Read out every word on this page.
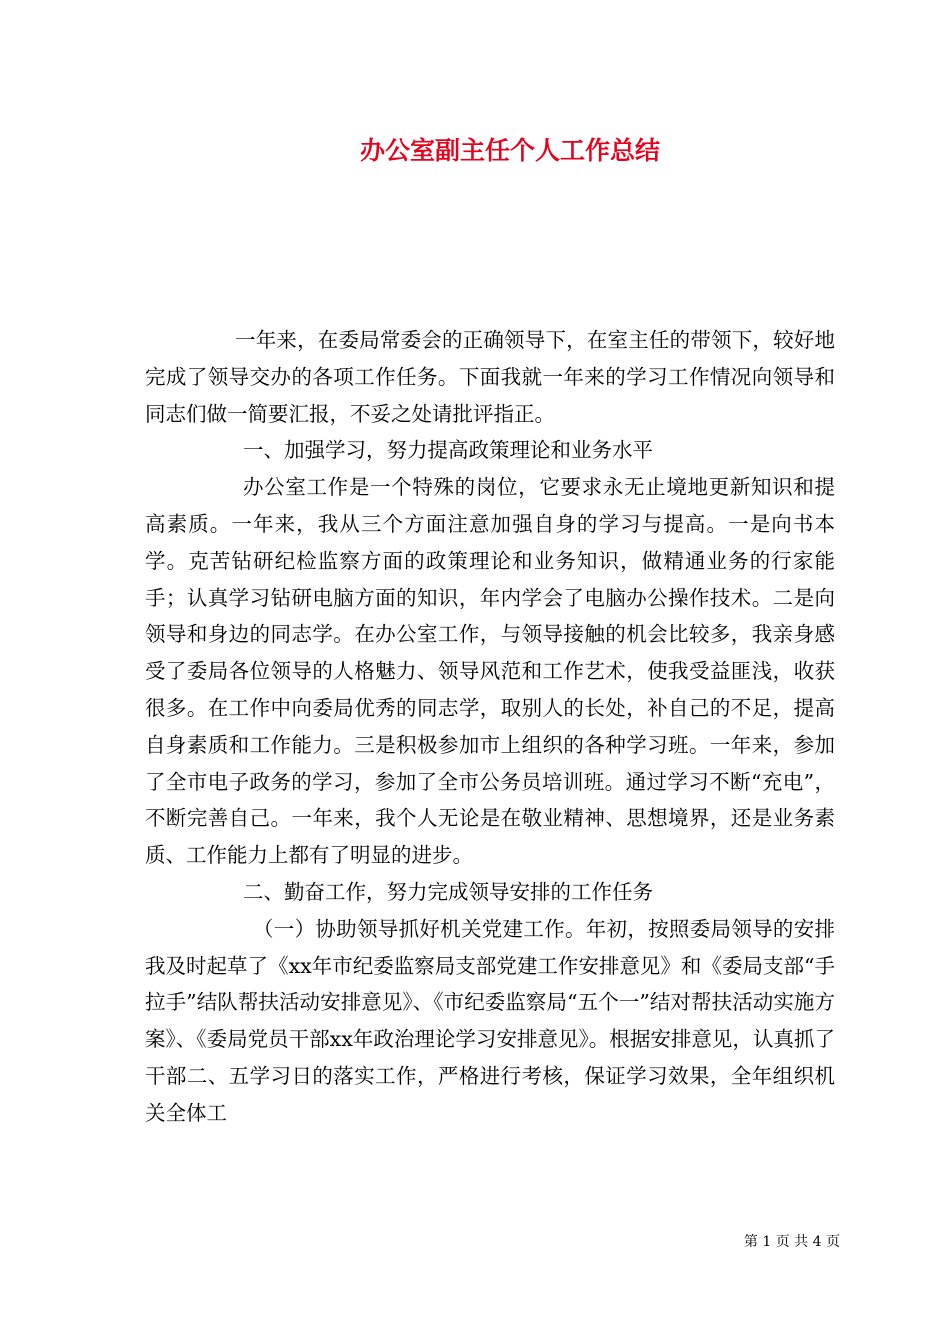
办公室副主任个人工作总结

一年来，在委局常委会的正确领导下，在室主任的带领下，较好地完成了领导交办的各项工作任务。下面我就一年来的学习工作情况向领导和同志们做一简要汇报，不妥之处请批评指正。

一、加强学习，努力提高政策理论和业务水平

办公室工作是一个特殊的岗位，它要求永无止境地更新知识和提高素质。一年来，我从三个方面注意加强自身的学习与提高。一是向书本学。克苦钻研纪检监察方面的政策理论和业务知识，做精通业务的行家能手；认真学习钻研电脑方面的知识，年内学会了电脑办公操作技术。二是向领导和身边的同志学。在办公室工作，与领导接触的机会比较多，我亲身感受了委局各位领导的人格魅力、领导风范和工作艺术，使我受益匪浅，收获很多。在工作中向委局优秀的同志学，取别人的长处，补自己的不足，提高自身素质和工作能力。三是积极参加市上组织的各种学习班。一年来，参加了全市电子政务的学习，参加了全市公务员培训班。通过学习不断“充电”，不断完善自己。一年来，我个人无论是在敬业精神、思想境界，还是业务素质、工作能力上都有了明显的进步。

二、勤奋工作，努力完成领导安排的工作任务

（一）协助领导抓好机关党建工作。年初，按照委局领导的安排我及时起草了《xx年市纪委监察局支部党建工作安排意见》和《委局支部“手拉手”结队帮扶活动安排意见》、《市纪委监察局“五个一”结对帮扶活动实施方案》、《委局党员干部xx年政治理论学习安排意见》。根据安排意见，认真抓了干部二、五学习日的落实工作，严格进行考核，保证学习效果，全年组织机关全体工

第 1 页 共 4 页
